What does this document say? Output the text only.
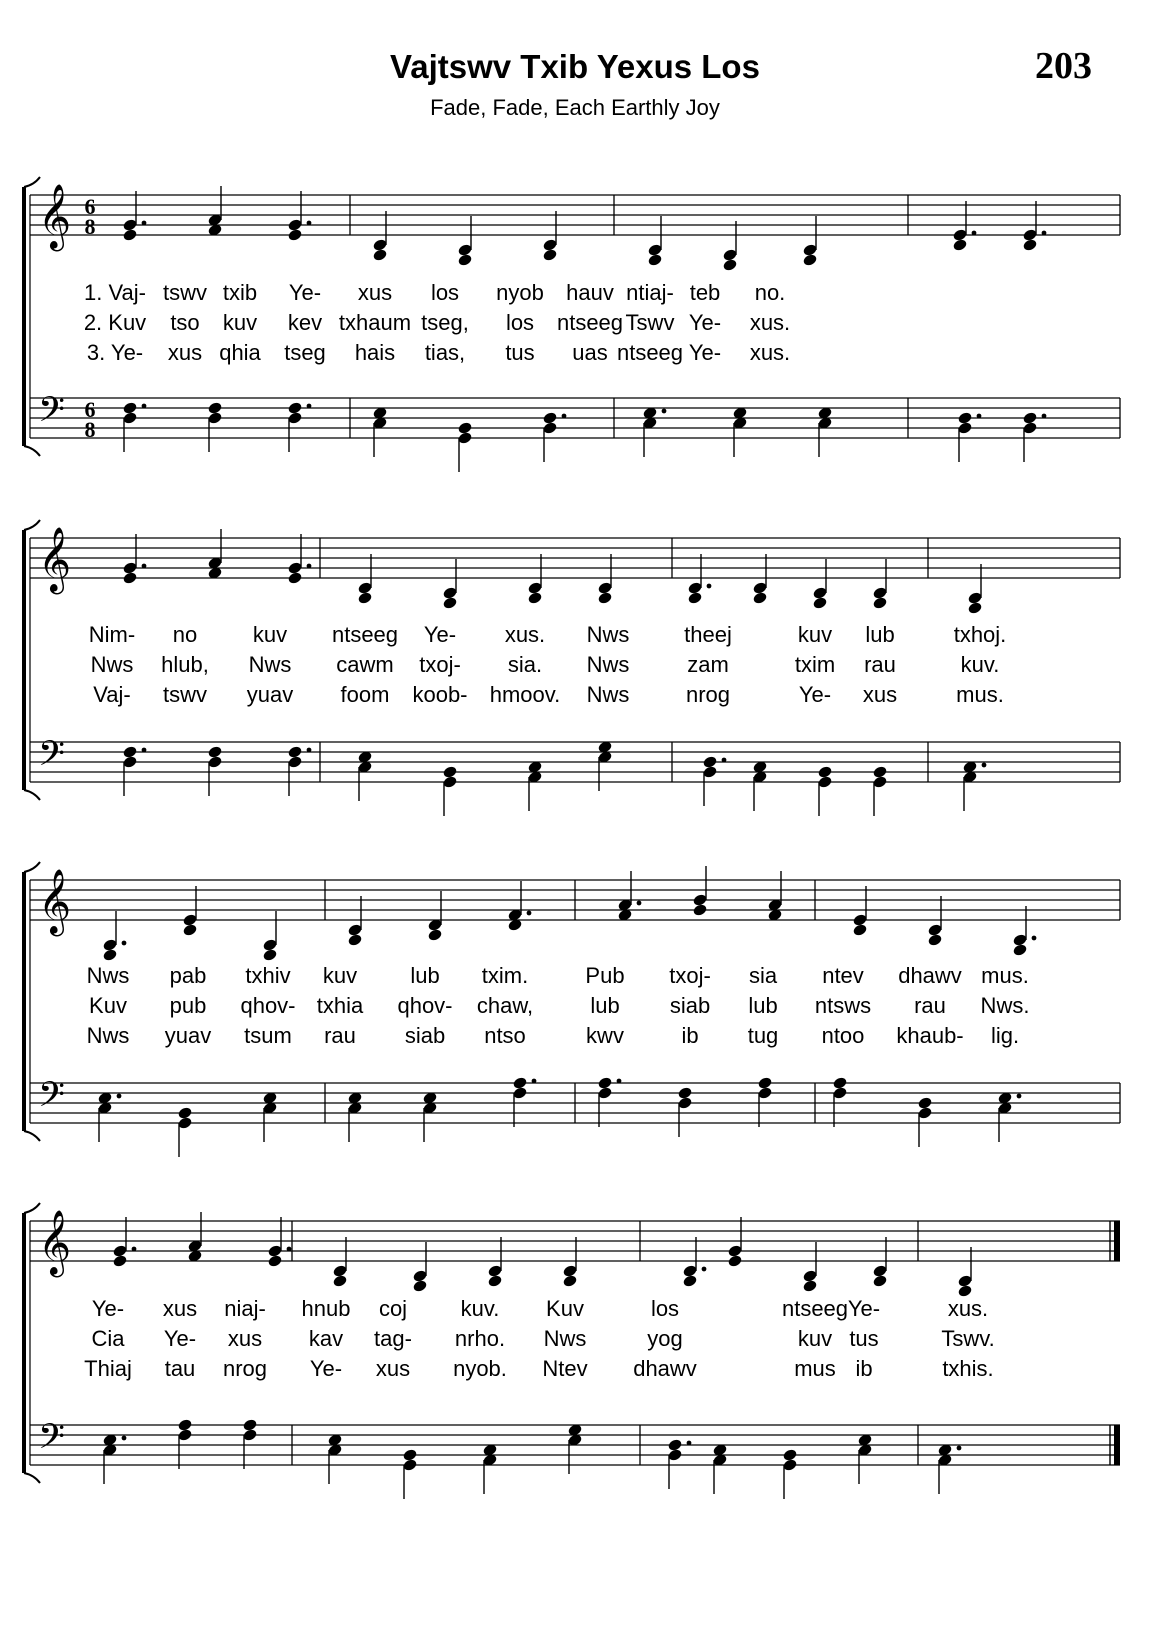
Vajtswv Txib Yexus Los
Fade, Fade, Each Earthly Joy
203
𝄞
𝄢
6
8
6
8
𝄞
𝄢
𝄞
𝄢
𝄞
𝄢
1. Vaj- tswv txib Ye- xus los nyob hauv ntiaj- teb no.
2. Kuv tso kuv kev txhaum tseg, los ntseeg Tswv Ye- xus.
3. Ye- xus qhia tseg hais tias, tus uas ntseeg Ye- xus.
Nim- no	kuv ntseeg Ye- xus. Nws theej	kuv lub	txhoj.
Nws hlub, Nws cawm txoj- sia. Nws	zam	txim rau	kuv.
Vaj- tswv yuav foom koob- hmoov. Nws	nrog	Ye- xus	mus.
Nws pab txhiv kuv lub txim.	Pub txoj- sia ntev dhawv mus.
Kuv pub qhov- txhia qhov- chaw,	lub siab lub ntsws rau Nws.
Nws yuav tsum rau siab ntso	kwv	ib tug ntoo khaub- lig.
Ye- xus niaj- hnub coj kuv. Kuv	los	ntseeg Ye-	xus.
Cia Ye- xus kav tag- nrho. Nws	yog	kuv tus	Tswv.
Thiaj tau nrog Ye- xus nyob. Ntev dhawv	mus ib	txhis.
